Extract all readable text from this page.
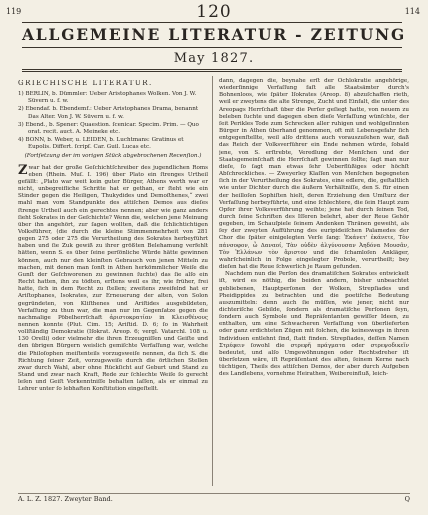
119	120	114
ALLGEMEINE LITERATUR - ZEITUNG
May 1827.
GRIECHISCHE LITERATUR.
1) BERLIN, b. Dümmler: Ueber Aristophanes Wolken. Von J. W. Süvern u. f. w.
2) Ebendaf. b. Ebendemf.: Ueber Aristophanes Drama, benannt Das Alter. Von J. W. Süvern u. f. w.
3) Ebend., b. Spener: Quaestion. ſcenicar. Specim. Prim. — Quo orat. recit. auct. A. Meineke etc.
4) BONN, b. Weber, u. LEIDEN, b. Luchtmans: Gratinus et Eupolis. Differt. ſcripſ. Car. Guil. Lucas etc.
(Fortſetzung der im vorigen Stück abgebrochenen Recenſion.)

Zwar hat der große Geſchichtſchreiber des jugendlichen Roms eben (Rhein. Muſ. I. 196) über Plato ein ſtrenges Urtheil gefällt: „Plato war weit kein guter Bürger, Athens werth war er nicht, unbegreifliche Schritte hat er gethan, er ſteht wie ein Stinder gegen die Heiligen, Thukydides und Demoſthenes,“ zwei mahl man vom Standpunkte des attiſchen Demos aus dieſes ſtrenge Urtheil auch ein gerechtes nennen; aber wie ganz anders ſieht Sokrates in der Geſchichte? Wenn die, welchen jene Meinung über ihn angehört, zur ſagen wollten, daß die ſchlichtichtigen Volksführer, (die durch die kleine Stimmenmehrheit von 281 gegen 275 oder 275 die Verurtheilung des Sokrates herbeyführt haben und ſie Zuk gewiß zu ihrer größten Belehamung verfehlt hätten, wenn S. es über ſeine perſönliche Würde hätte gewinnen können, auch nur den kleinſten Gebrauch von jenen Mitteln zu machen, mit denen man ſonſt in Athen herkömmlicher Weiſe die Gunſt der Geſchworenen zu gewinnen ſuchte) das ſie alſo ein Recht hatten, ihn zu tödten, erſtens weil es ihr, wie früher, frei hatte, ſich in dem Recht zu ſtellen; zweitens zweifelnd hat er Ariſtophanes, Isokrates, zur Erneuerung der alten, von Solon gegründeten, von Kliſthenes und Ariſtides ausgebildeten, Verfaſſung zu thun war, die man nur im Gegenſatze gegen die nachmalige Pöbelherrſchaft ἀριστοκρατίαν in Κλεισθένους nennen konnte (Plut. Cim. 15; Ariſtid. D. 6; ſo in Wahrheit vollſtändig Demokratie (Iſokrat. Areop. 6; vergl. Vatarchl. 108 u. 130 Orelli) oder vielmehr die ihren Erzeugniſſen und Geiſte und den übrigen Bürgern weislich gemiſchte Verfaſſung war, welche die Philoſophen meiſtenteils vorzugsweiſe nennen, da ſich S. die Richtung ſeiner Zeit, vorzugsweiſe durch die örtlichen Stellen zwar durch Wahl, aber ohne Rückſicht auf Geburt und Stand zu Stand und zwar nach Kraft, Rede zur ſchlechte Weiſe ſo gerecht leſen und Geiſt Vorkenntniſſe behalten laſſen, als er einmal zu Lehrer unter ſo lebhaften Konſtitution eingeſtellt.

dann, dagegen die, beynahe erſt der Ochlokratie angehörige, wiederſinnige Verfaſſung faſt alle Staatsämter durch's Bohnenloos, wie ſpäter Iſokrates (Areop. 8) abzuſchaffen rieth, weil er zweytens die alte Strenge, Zucht und Einfalt, die unter des Areopags Herrſchaft über die Perſer geſiegt hatte, von neuem zu beleben ſuchte und dagegen eben dieſe Verfaſſung wünſchte, der ſeit Perikles Tode zum Schrecken aller ruhigen und wohlgeſinnten Bürger in Athen überhand genommen, oft mit Lebensgefahr ſich entgegenſtellte, weil alſo drittens auch vorauszuſehen war, daß das Reich der Volksverführer ein Ende nehmen würde, ſobald jene, von S. erſtrebte, Veredlung der Menſchen und der Staatsgemeinſchaft die Herrſchaft gewinnen ſollte; ſagt man nur dieſe, ſo ſagt man etwas ſehr Ueberflüßiges oder höchſt Abſchreckliches. — Zweyerley Klaſſen von Menſchen begegneten ſich in der Verurtheilung des Sokrates, eine edlere, die, geſtaltlich wie unter Dichter durch die äußern Verhältniſſe, den S. für einen der heilloſen Sophiſten hielt, deren Erziehung den Umſturz der Verfaſſung herbeyführte, und eine ſchlechtere, die ſein Haupt zum Opfer ihrer Volksverführung weihte; jene hat durch ſeinen Tod, durch ſeine Schriften des Iſſeren belehrt, aber der Reue Gehör gegeben, im Schauſpiele ſeinem Andenken Thränen geweiht, als ſey der zweyten Aufführung des euripideiſchen Palamedes der Chor die ſpäter einigelegten Verſe ſang: Ἐκάνετ' ἐκάνετε, Τὸν πάνσοφον, ὦ Δαναοί, Τὰν οὐδὲν ἀλγύνουσαν Ἀηδόνα Μουσᾶν, Τὸν Ἑλλάνων τὸν ἄριστον und die ſchamloſen Ankläger, wahrſcheinlich in Folge eingelegter Probole, verurtheilt; bey dieſen hat die Reue ſchwerlich je Raum gefunden.

Nachdem nun die Perſon des dramatiſchen Sokrates entwickelt iſt, wird es nöthig, die beiden andern, bisher unbeachtet gebliebenen, Hauptperſonen der Wolken, Strepſiades und Pheidippides zu betrachten und die poetiſche Bedeutung auszumitteln: denn auch ſie müſſen, wie jener, nicht nur dichteriſche Gebilde, ſondern als dramatiſche Perſonen ſeyn, ſondern auch Symbole und Repräſentanten gewiſſer Ideen, zu enthalten, um eine Schwacheren Verfaſſung von überlieferten oder ganz erdichteten Zügen mit folchen, die keineswegs in ihren Individuen entlehnt ſind, ſtatt finden. Strepſiades, deſſen Namen Στρέφειν ſowohl die στρεφῆ πράγματα oder στρεψοδικεῖν bedeutet, und alſo Umgewöhnungen oder Rechtsdreher iſt überſetzen wäre, iſt Repräſentant des alten, ſeinem Kerne nach tüchtigen, Theils des attiſchen Demos, der aber durch Aufgeben des Landlebens, vornehme Heirathen, Weibereinfluß, leich-

A. L. Z. 1827. Zweyter Band.	Q
